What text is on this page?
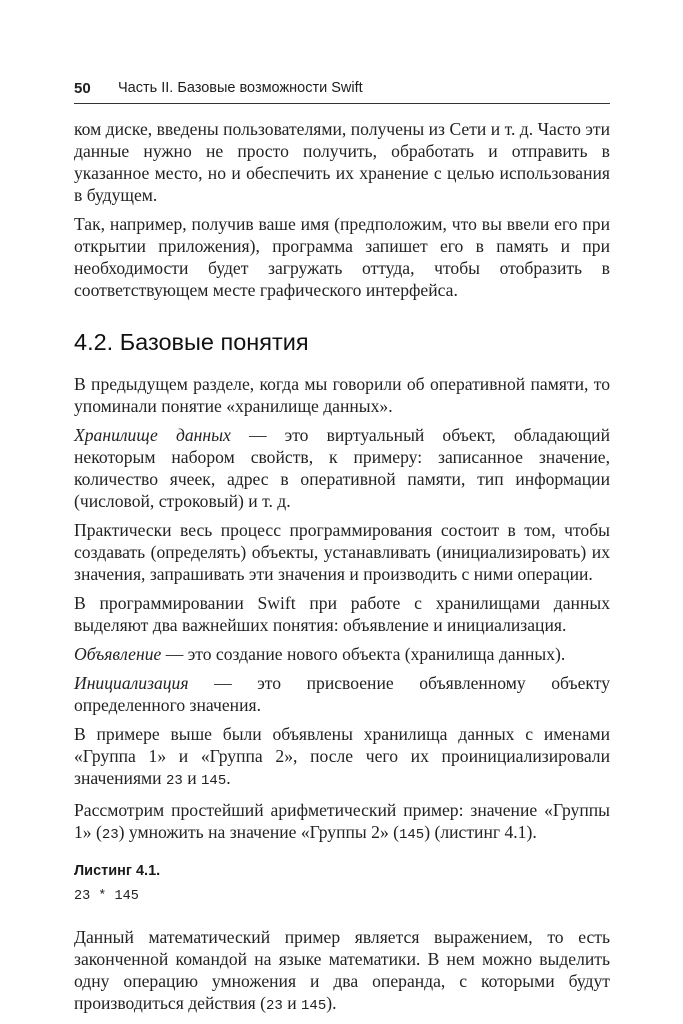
50 Часть II. Базовые возможности Swift

ком диске, введены пользователями, получены из Сети и т. д. Часто эти данные нужно не просто получить, обработать и отправить в указанное место, но и обеспечить их хранение с целью использования в будущем.

Так, например, получив ваше имя (предположим, что вы ввели его при открытии приложения), программа запишет его в память и при необходимости будет загружать оттуда, чтобы отобразить в соответствующем месте графического интерфейса.

4.2. Базовые понятия

В предыдущем разделе, когда мы говорили об оперативной памяти, то упоминали понятие «хранилище данных».

Хранилище данных — это виртуальный объект, обладающий некоторым набором свойств, к примеру: записанное значение, количество ячеек, адрес в оперативной памяти, тип информации (числовой, строковый) и т. д.

Практически весь процесс программирования состоит в том, чтобы создавать (определять) объекты, устанавливать (инициализировать) их значения, запрашивать эти значения и производить с ними операции.

В программировании Swift при работе с хранилищами данных выделяют два важнейших понятия: объявление и инициализация.

Объявление — это создание нового объекта (хранилища данных).

Инициализация — это присвоение объявленному объекту определенного значения.

В примере выше были объявлены хранилища данных с именами «Группа 1» и «Группа 2», после чего их проинициализировали значениями 23 и 145.

Рассмотрим простейший арифметический пример: значение «Группы 1» (23) умножить на значение «Группы 2» (145) (листинг 4.1).

Листинг 4.1.
23 * 145

Данный математический пример является выражением, то есть законченной командой на языке математики. В нем можно выделить одну операцию умножения и два операнда, с которыми будут производиться действия (23 и 145).
